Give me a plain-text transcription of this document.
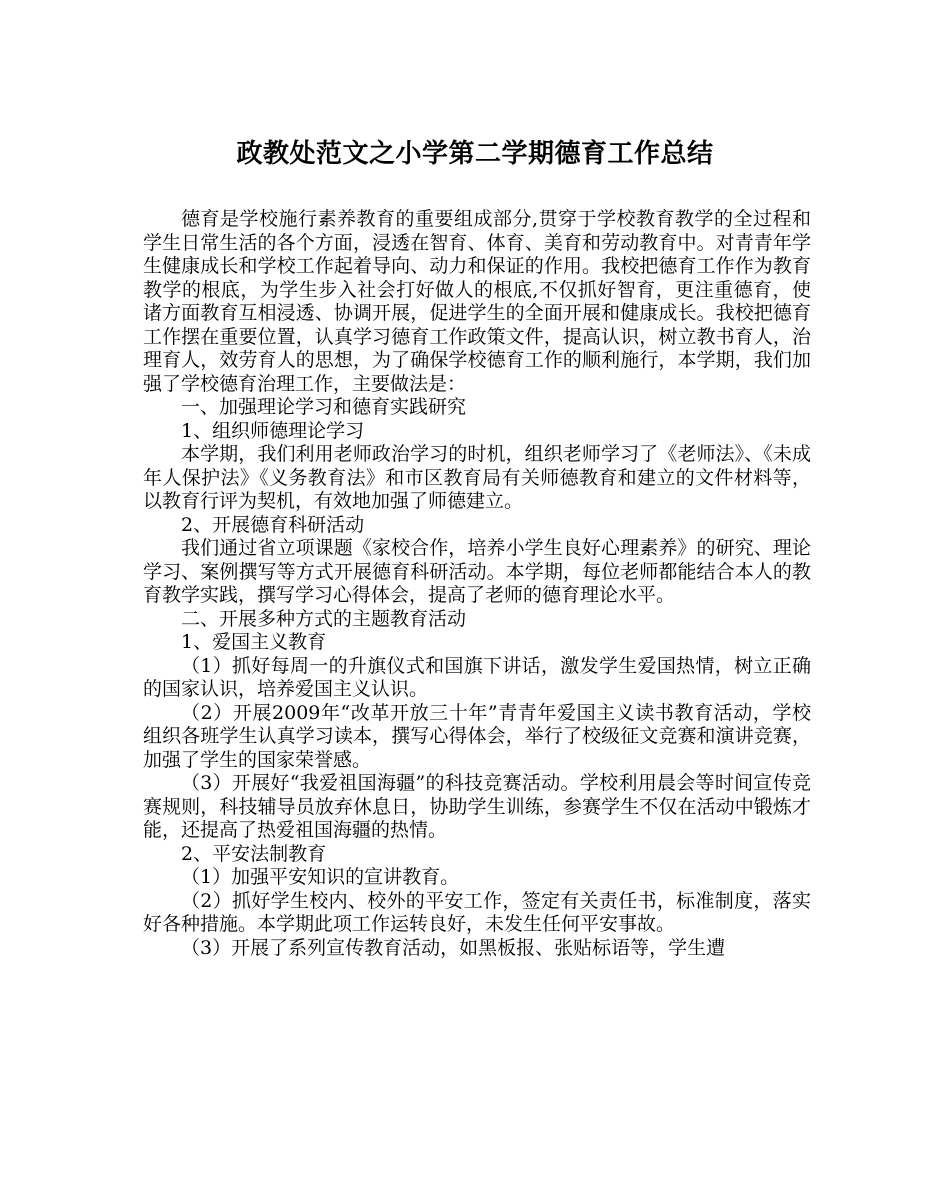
政教处范文之小学第二学期德育工作总结

德育是学校施行素养教育的重要组成部分,贯穿于学校教育教学的全过程和学生日常生活的各个方面，浸透在智育、体育、美育和劳动教育中。对青青年学生健康成长和学校工作起着导向、动力和保证的作用。我校把德育工作作为教育教学的根底，为学生步入社会打好做人的根底,不仅抓好智育，更注重德育，使诸方面教育互相浸透、协调开展，促进学生的全面开展和健康成长。我校把德育工作摆在重要位置，认真学习德育工作政策文件，提高认识，树立教书育人，治理育人，效劳育人的思想，为了确保学校德育工作的顺利施行，本学期，我们加强了学校德育治理工作，主要做法是：

一、加强理论学习和德育实践研究

1、组织师德理论学习

本学期，我们利用老师政治学习的时机，组织老师学习了《老师法》、《未成年人保护法》《义务教育法》和市区教育局有关师德教育和建立的文件材料等，以教育行评为契机，有效地加强了师德建立。

2、开展德育科研活动

我们通过省立项课题《家校合作，培养小学生良好心理素养》的研究、理论学习、案例撰写等方式开展德育科研活动。本学期，每位老师都能结合本人的教育教学实践，撰写学习心得体会，提高了老师的德育理论水平。

二、开展多种方式的主题教育活动

1、爱国主义教育

（1）抓好每周一的升旗仪式和国旗下讲话，激发学生爱国热情，树立正确的国家认识，培养爱国主义认识。

（2）开展2009年“改革开放三十年”青青年爱国主义读书教育活动，学校组织各班学生认真学习读本，撰写心得体会，举行了校级征文竞赛和演讲竞赛，加强了学生的国家荣誉感。

（3）开展好“我爱祖国海疆”的科技竞赛活动。学校利用晨会等时间宣传竞赛规则，科技辅导员放弃休息日，协助学生训练，参赛学生不仅在活动中锻炼才能，还提高了热爱祖国海疆的热情。

2、平安法制教育

（1）加强平安知识的宣讲教育。

（2）抓好学生校内、校外的平安工作，签定有关责任书，标准制度，落实好各种措施。本学期此项工作运转良好，未发生任何平安事故。

（3）开展了系列宣传教育活动，如黑板报、张贴标语等，学生遭
